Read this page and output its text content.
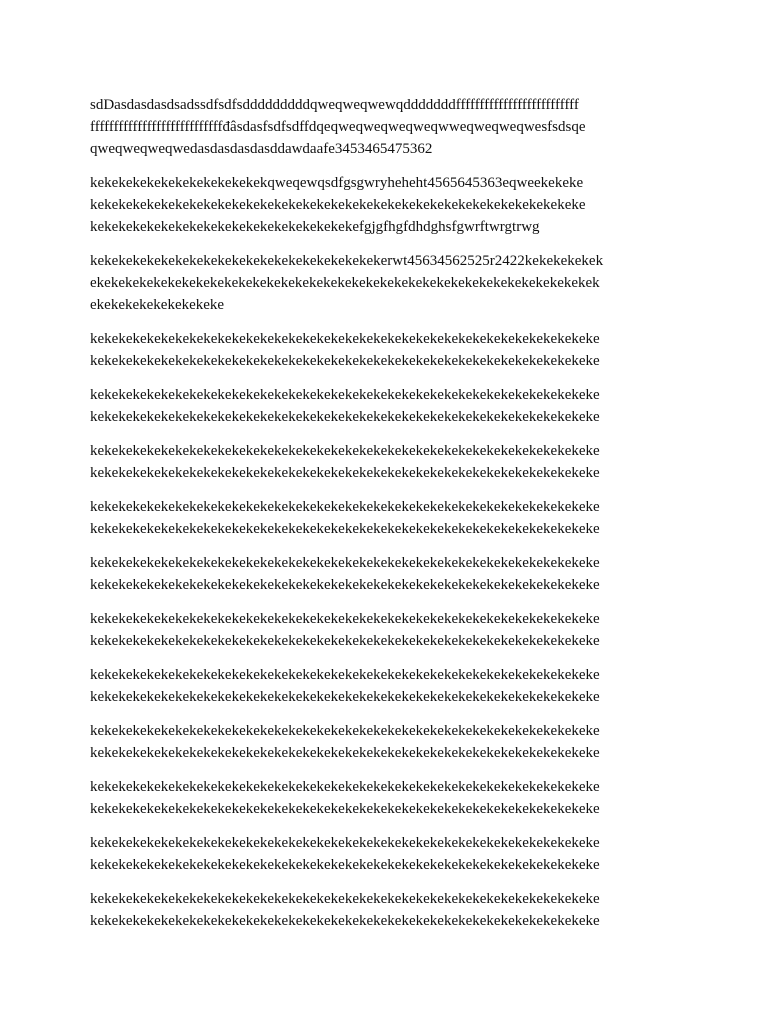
sdDasdasdasdsadssdfsdfsdddddddddqweqweqwewqdddddddffffffffffffffffffffffffff
ffffffffffffffffffffffffffffđâsdasfsdfsdffdqeqweqweqweqweqwweqweqweqwesfsdsqe
qweqweqweqwedasdasdasdasddawdaafe3453465475362

kekekekekekekekekekekekekqweqewqsdfgsgwryheheht4565645363eqweekekeke
kekekekekekekekekekekekekekekekekekekekekekekekekekekekekekekekekekeke
kekekekekekekekekekekekekekekekekekekefgjgfhgfdhdghsfgwrftwrgtrwg

kekekekekekekekekekekekekekekekekekekekekerwt45634562525r2422kekekekekek
ekekekekekekekekekekekekekekekekekekekekekekekekekekekekekekekekekekekek
ekekekekekekekekeke

kekekekekekekekekekekekekekekekekekekekekekekekekekekekekekekekekekekeke
kekekekekekekekekekekekekekekekekekekekekekekekekekekekekekekekekekekeke

kekekekekekekekekekekekekekekekekekekekekekekekekekekekekekekekekekekeke
kekekekekekekekekekekekekekekekekekekekekekekekekekekekekekekekekekekeke

kekekekekekekekekekekekekekekekekekekekekekekekekekekekekekekekekekekeke
kekekekekekekekekekekekekekekekekekekekekekekekekekekekekekekekekekekeke

kekekekekekekekekekekekekekekekekekekekekekekekekekekekekekekekekekekeke
kekekekekekekekekekekekekekekekekekekekekekekekekekekekekekekekekekekeke

kekekekekekekekekekekekekekekekekekekekekekekekekekekekekekekekekekekeke
kekekekekekekekekekekekekekekekekekekekekekekekekekekekekekekekekekekeke

kekekekekekekekekekekekekekekekekekekekekekekekekekekekekekekekekekekeke
kekekekekekekekekekekekekekekekekekekekekekekekekekekekekekekekekekekeke

kekekekekekekekekekekekekekekekekekekekekekekekekekekekekekekekekekekeke
kekekekekekekekekekekekekekekekekekekekekekekekekekekekekekekekekekekeke

kekekekekekekekekekekekekekekekekekekekekekekekekekekekekekekekekekekeke
kekekekekekekekekekekekekekekekekekekekekekekekekekekekekekekekekekekeke

kekekekekekekekekekekekekekekekekekekekekekekekekekekekekekekekekekekeke
kekekekekekekekekekekekekekekekekekekekekekekekekekekekekekekekekekekeke

kekekekekekekekekekekekekekekekekekekekekekekekekekekekekekekekekekekeke
kekekekekekekekekekekekekekekekekekekekekekekekekekekekekekekekekekekeke

kekekekekekekekekekekekekekekekekekekekekekekekekekekekekekekekekekekeke
kekekekekekekekekekekekekekekekekekekekekekekekekekekekekekekekekekekeke
